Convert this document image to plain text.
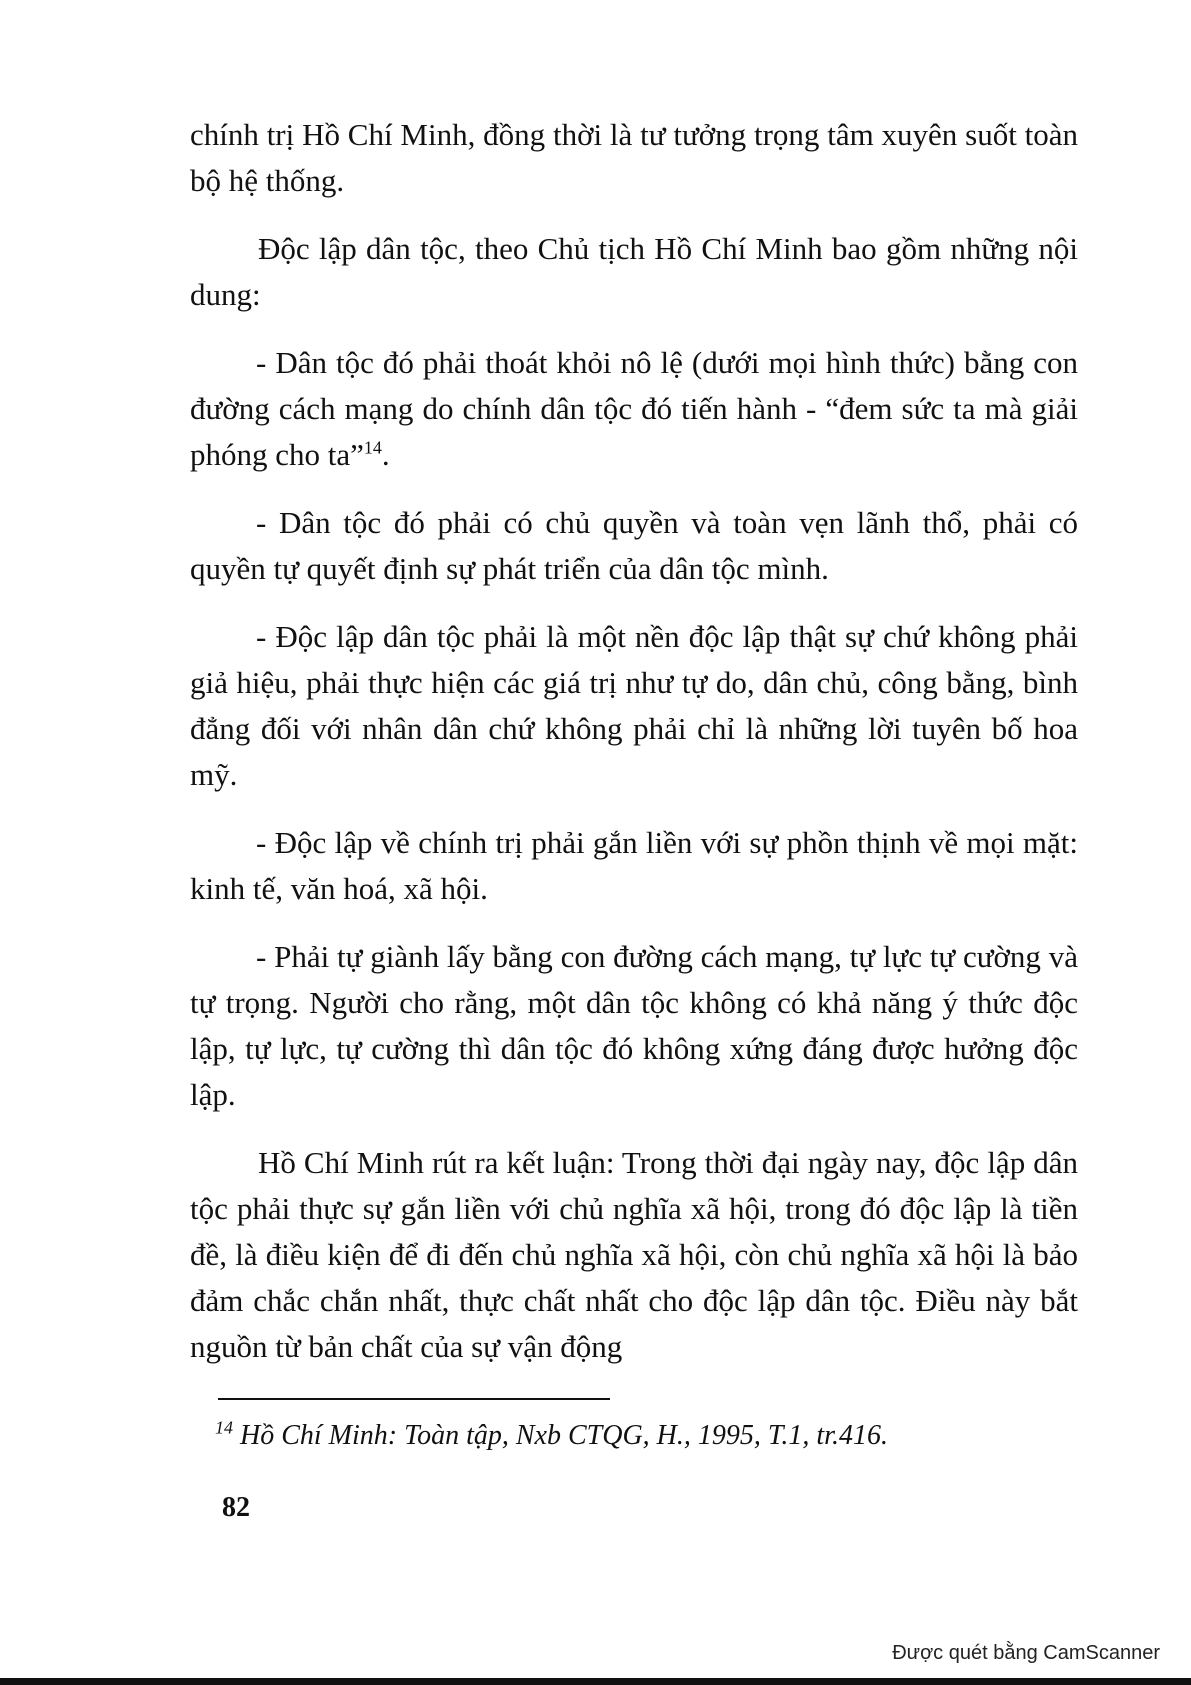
chính trị Hồ Chí Minh, đồng thời là tư tưởng trọng tâm xuyên suốt toàn bộ hệ thống.

Độc lập dân tộc, theo Chủ tịch Hồ Chí Minh bao gồm những nội dung:

- Dân tộc đó phải thoát khỏi nô lệ (dưới mọi hình thức) bằng con đường cách mạng do chính dân tộc đó tiến hành - “đem sức ta mà giải phóng cho ta”$^{14}$.

- Dân tộc đó phải có chủ quyền và toàn vẹn lãnh thổ, phải có quyền tự quyết định sự phát triển của dân tộc mình.

- Độc lập dân tộc phải là một nền độc lập thật sự chứ không phải giả hiệu, phải thực hiện các giá trị như tự do, dân chủ, công bằng, bình đẳng đối với nhân dân chứ không phải chỉ là những lời tuyên bố hoa mỹ.

- Độc lập về chính trị phải gắn liền với sự phồn thịnh về mọi mặt: kinh tế, văn hoá, xã hội.

- Phải tự giành lấy bằng con đường cách mạng, tự lực tự cường và tự trọng. Người cho rằng, một dân tộc không có khả năng ý thức độc lập, tự lực, tự cường thì dân tộc đó không xứng đáng được hưởng độc lập.

Hồ Chí Minh rút ra kết luận: Trong thời đại ngày nay, độc lập dân tộc phải thực sự gắn liền với chủ nghĩa xã hội, trong đó độc lập là tiền đề, là điều kiện để đi đến chủ nghĩa xã hội, còn chủ nghĩa xã hội là bảo đảm chắc chắn nhất, thực chất nhất cho độc lập dân tộc. Điều này bắt nguồn từ bản chất của sự vận động

$^{14}$ Hồ Chí Minh: Toàn tập, Nxb CTQG, H., 1995, T.1, tr.416.
82
Được quét bằng CamScanner
